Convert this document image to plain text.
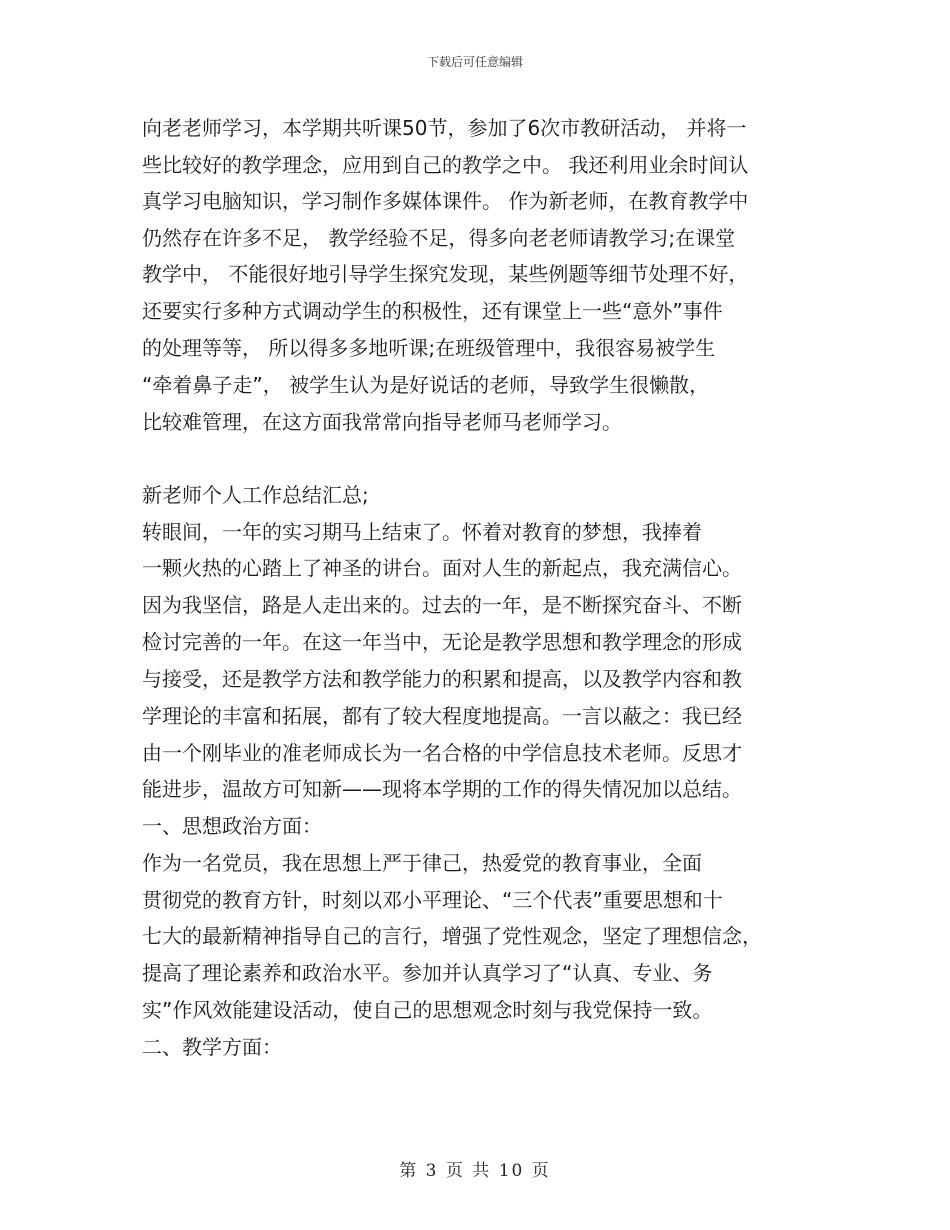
下载后可任意编辑
向老老师学习，本学期共听课50节，参加了6次市教研活动， 并将一
些比较好的教学理念，应用到自己的教学之中。 我还利用业余时间认
真学习电脑知识，学习制作多媒体课件。 作为新老师，在教育教学中
仍然存在许多不足， 教学经验不足，得多向老老师请教学习;在课堂
教学中， 不能很好地引导学生探究发现，某些例题等细节处理不好，
还要实行多种方式调动学生的积极性，还有课堂上一些“意外”事件
的处理等等， 所以得多多地听课;在班级管理中，我很容易被学生
“牵着鼻子走”， 被学生认为是好说话的老师，导致学生很懒散，
比较难管理，在这方面我常常向指导老师马老师学习。
新老师个人工作总结汇总;
转眼间，一年的实习期马上结束了。怀着对教育的梦想，我捧着
一颗火热的心踏上了神圣的讲台。面对人生的新起点，我充满信心。
因为我坚信，路是人走出来的。过去的一年，是不断探究奋斗、不断
检讨完善的一年。在这一年当中，无论是教学思想和教学理念的形成
与接受，还是教学方法和教学能力的积累和提高，以及教学内容和教
学理论的丰富和拓展，都有了较大程度地提高。一言以蔽之：我已经
由一个刚毕业的准老师成长为一名合格的中学信息技术老师。反思才
能进步，温故方可知新——现将本学期的工作的得失情况加以总结。
一、思想政治方面：
作为一名党员，我在思想上严于律己，热爱党的教育事业，全面
贯彻党的教育方针，时刻以邓小平理论、“三个代表”重要思想和十
七大的最新精神指导自己的言行，增强了党性观念，坚定了理想信念，
提高了理论素养和政治水平。参加并认真学习了“认真、专业、务
实”作风效能建设活动，使自己的思想观念时刻与我党保持一致。
二、教学方面：
第 3 页 共 10 页
